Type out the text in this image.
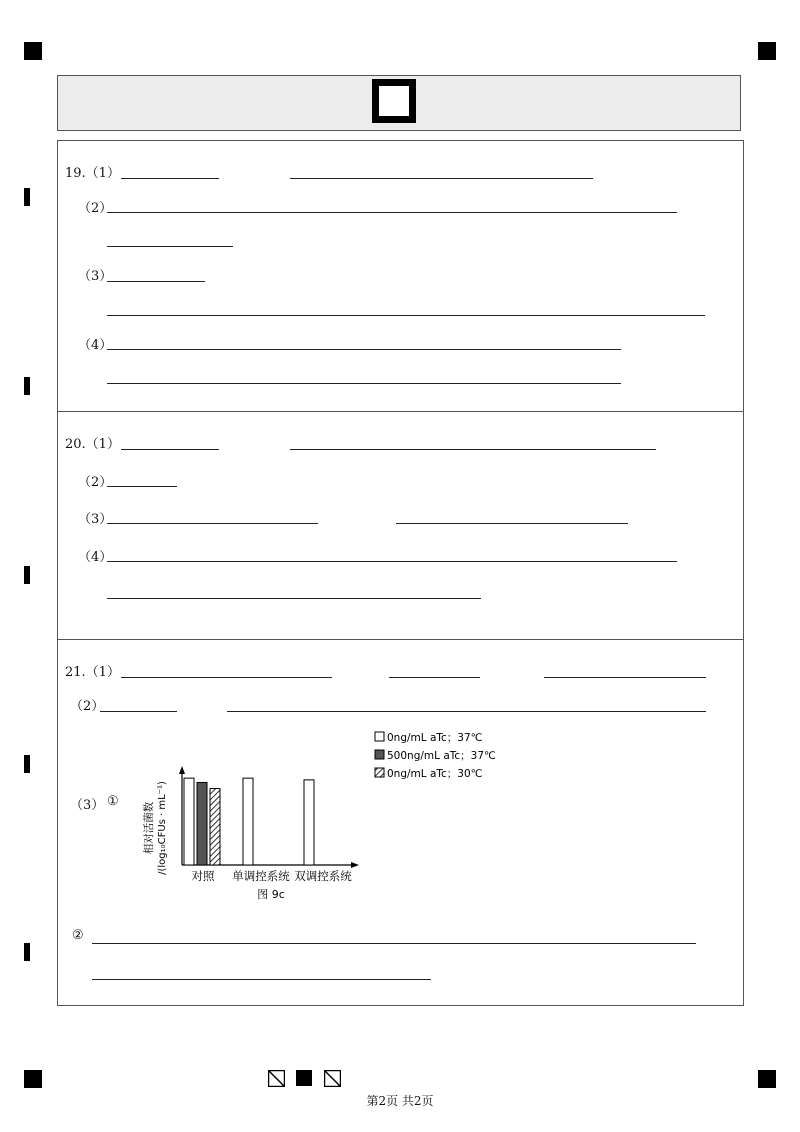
19.（1）
（2）
（3）
（4）
20.（1）
（2）
（3）
（4）
21.（1）
（2）
（3） ①
0ng/mL aTc；37℃
500ng/mL aTc；37℃
0ng/mL aTc；30℃
相对活菌数 /(log₁₀CFUs · mL⁻¹)
对照 单调控系统 双调控系统
图 9c
②
第2页 共2页
